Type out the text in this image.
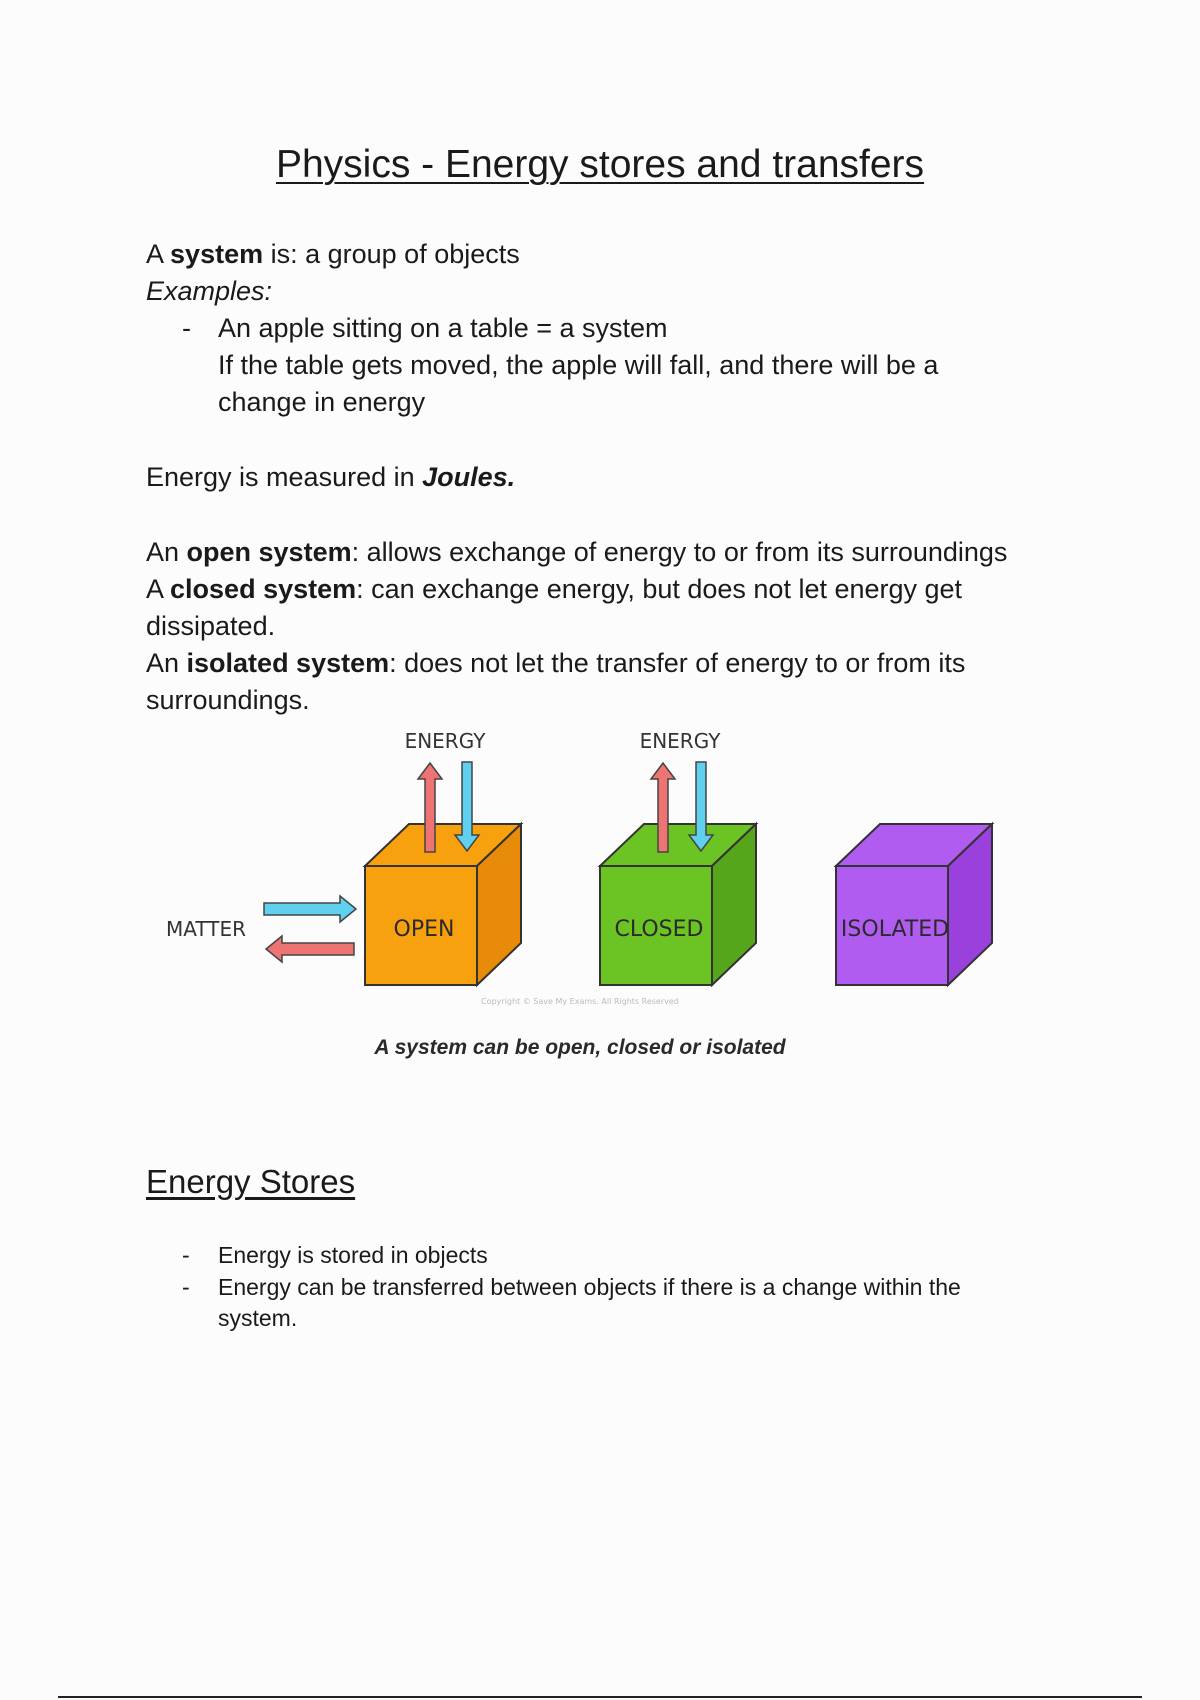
Physics - Energy stores and transfers
A system is: a group of objects
Examples:
- An apple sitting on a table = a system
If the table gets moved, the apple will fall, and there will be a
change in energy
Energy is measured in Joules.
An open system: allows exchange of energy to or from its surroundings
A closed system: can exchange energy, but does not let energy get
dissipated.
An isolated system: does not let the transfer of energy to or from its
surroundings.
ENERGY	ENERGY
OPEN
MATTER	CLOSED	ISOLATED
Copyright © Save My Exams. All Rights Reserved
A system can be open, closed or isolated
Energy Stores
- Energy is stored in objects
- Energy can be transferred between objects if there is a change within the
system.
